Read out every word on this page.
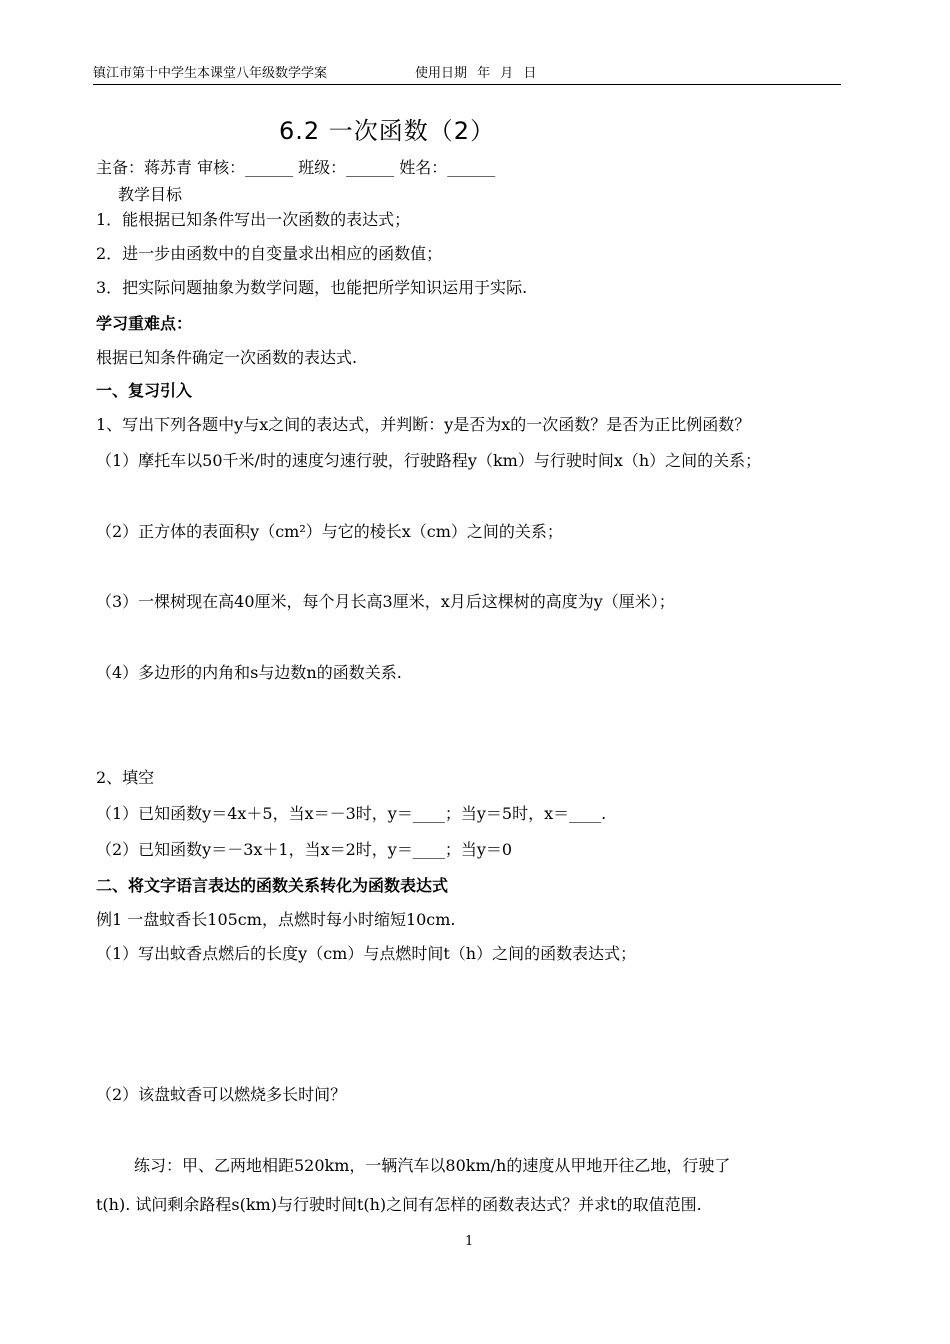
镇江市第十中学生本课堂八年级数学学案	使用日期 年 月 日
6.2 一次函数（2）
主备：蒋苏青 审核：______ 班级：______ 姓名：______
教学目标
1．能根据已知条件写出一次函数的表达式；
2．进一步由函数中的自变量求出相应的函数值；
3．把实际问题抽象为数学问题，也能把所学知识运用于实际.
学习重难点：
根据已知条件确定一次函数的表达式.
一、复习引入
1、写出下列各题中y与x之间的表达式，并判断：y是否为x的一次函数？是否为正比例函数？
（1）摩托车以50千米/时的速度匀速行驶，行驶路程y（km）与行驶时间x（h）之间的关系；
（2）正方体的表面积y（cm²）与它的棱长x（cm）之间的关系；
（3）一棵树现在高40厘米，每个月长高3厘米，x月后这棵树的高度为y（厘米）；
（4）多边形的内角和s与边数n的函数关系.
2、填空
（1）已知函数y＝4x＋5，当x＝－3时，y＝____；当y＝5时，x＝____.
（2）已知函数y＝－3x＋1，当x＝2时，y＝____；当y＝0
二、将文字语言表达的函数关系转化为函数表达式
例1 一盘蚊香长105cm，点燃时每小时缩短10cm.
（1）写出蚊香点燃后的长度y（cm）与点燃时间t（h）之间的函数表达式；
（2）该盘蚊香可以燃烧多长时间？
练习：甲、乙两地相距520km，一辆汽车以80km/h的速度从甲地开往乙地，行驶了
t(h). 试问剩余路程s(km)与行驶时间t(h)之间有怎样的函数表达式？并求t的取值范围.
1
